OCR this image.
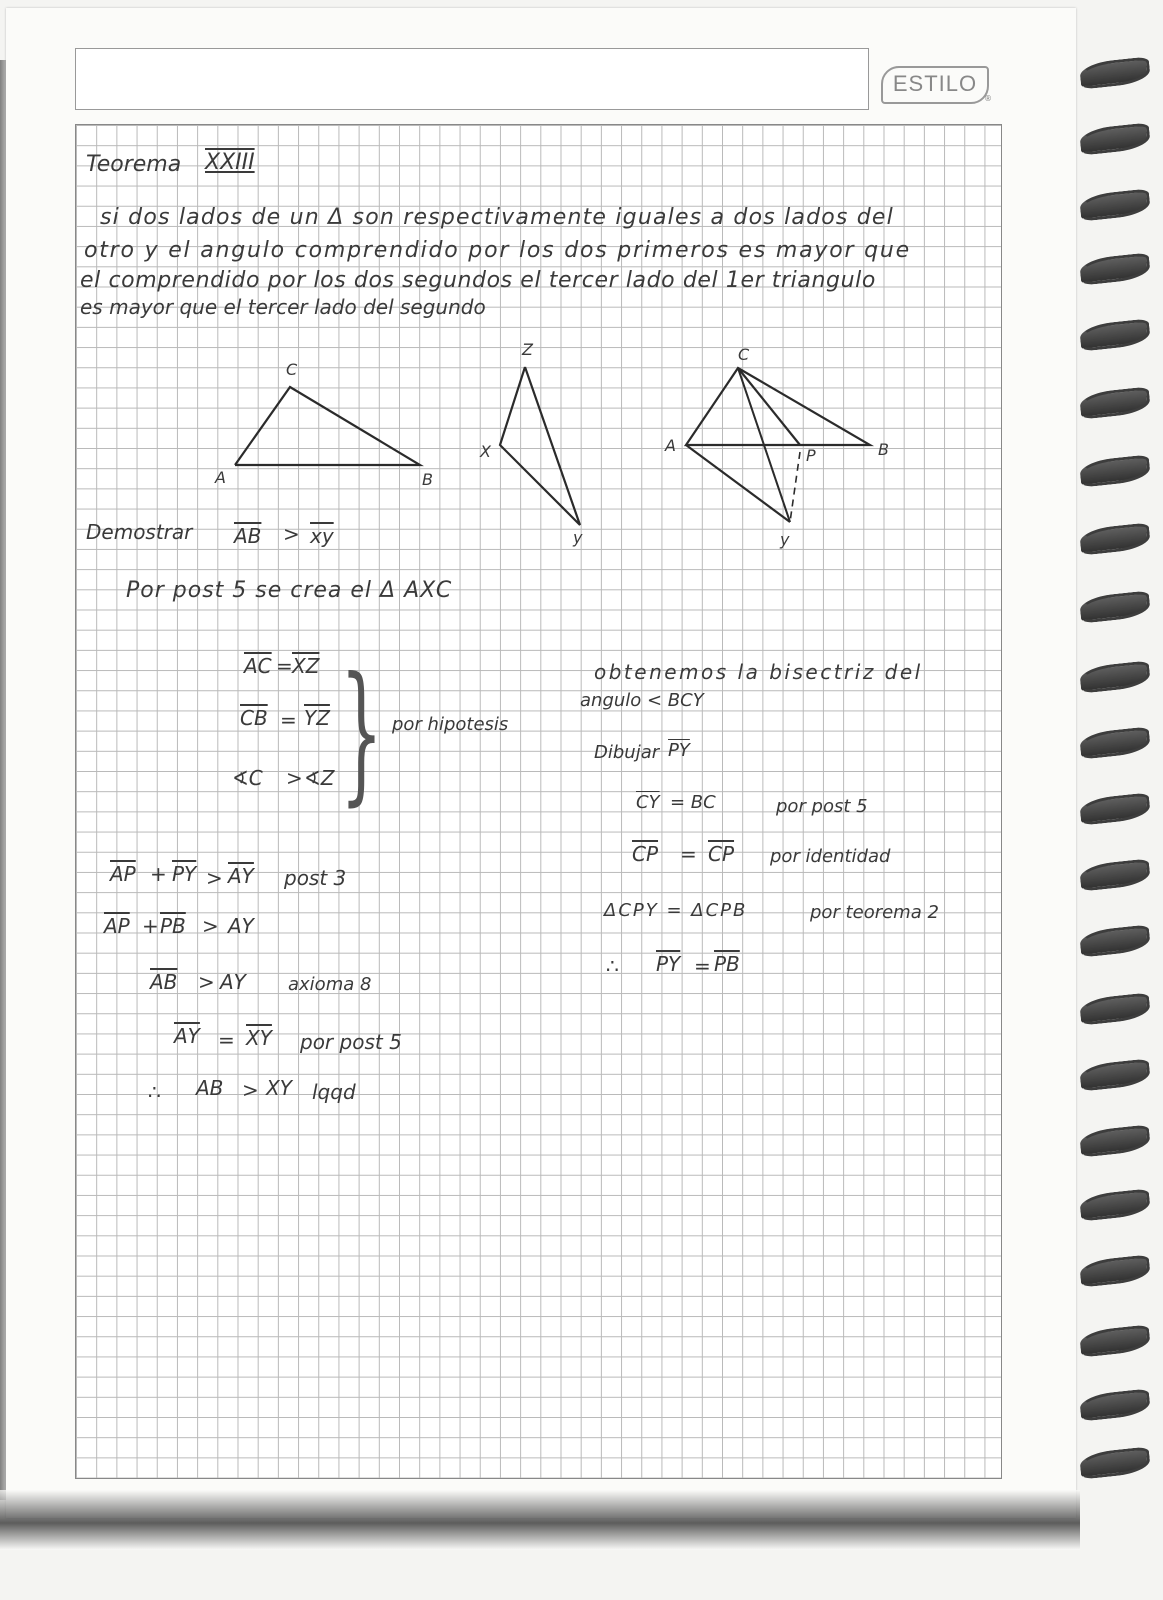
ESTILO
®
Teorema XXIII
si dos lados de un Δ son respectivamente iguales a dos lados del
otro y el angulo comprendido por los dos primeros es mayor que
el comprendido por los dos segundos el tercer lado del 1er triangulo
es mayor que el tercer lado del segundo
C
A	B
Z
X
y
C
A	B
P
y
Demostrar $\overline{AB} > \overline{xy}$
Por post 5 se crea el Δ AXC
$\overline{AC} = \overline{XZ}$
$\overline{CB} = \overline{YZ}$
∢C > ∢Z } por hipotesis
obtenemos la bisectriz del
angulo < BCY
Dibujar $\overline{PY}$
$\overline{CY}$ = BC	por post 5
$\overline{CP} = \overline{CP}$ por identidad
ΔCPY = ΔCPB	por teorema 2
∴ $\overline{PY} = \overline{PB}$
$\overline{AP} + \overline{PY} > \overline{AY}$ post 3
$\overline{AP} + \overline{PB}$ > AY
$\overline{AB}$ > AY axioma 8
$\overline{AY} = \overline{XY}$ por post 5
∴ AB > XY lqqd
